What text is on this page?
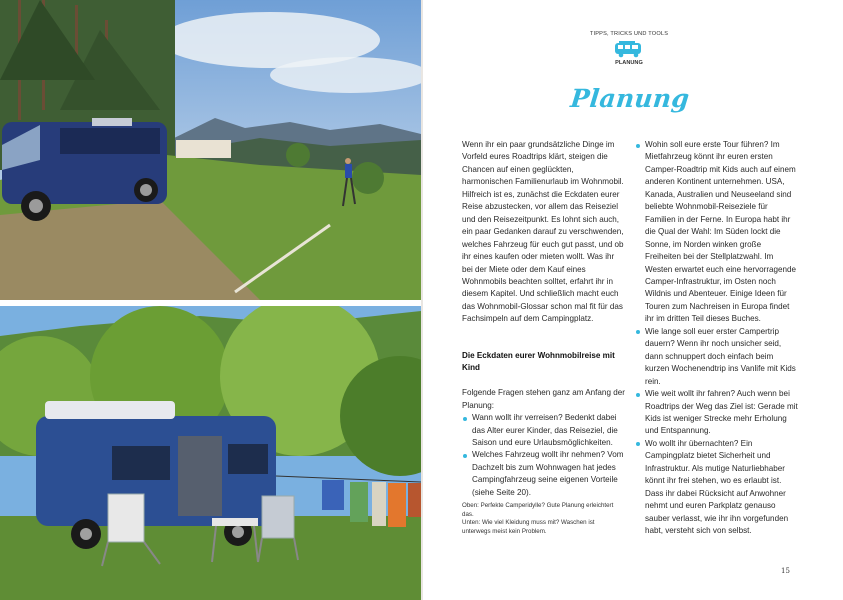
TIPPS, TRICKS UND TOOLS
PLANUNG
Planung

Wenn ihr ein paar grundsätzliche Dinge im Vorfeld eures Roadtrips klärt, steigen die Chancen auf einen geglückten, harmonischen Familienurlaub im Wohnmobil. Hilfreich ist es, zunächst die Eckdaten eurer Reise abzustecken, vor allem das Reiseziel und den Reisezeitpunkt. Es lohnt sich auch, ein paar Gedanken darauf zu verschwenden, welches Fahrzeug für euch gut passt, und ob ihr eines kaufen oder mieten wollt. Was ihr bei der Miete oder dem Kauf eines Wohnmobils beachten solltet, erfahrt ihr in diesem Kapitel. Und schließlich macht euch das Wohnmobil-Glossar schon mal fit für das Fachsimpeln auf dem Campingplatz.

Die Eckdaten eurer Wohnmobilreise mit Kind

Folgende Fragen stehen ganz am Anfang der Planung:

Wann wollt ihr verreisen? Bedenkt dabei das Alter eurer Kinder, das Reiseziel, die Saison und eure Urlaubsmöglichkeiten.
Welches Fahrzeug wollt ihr nehmen? Vom Dachzelt bis zum Wohnwagen hat jedes Campingfahrzeug seine eigenen Vorteile (siehe Seite 20).
Wohin soll eure erste Tour führen? Im Mietfahrzeug könnt ihr euren ersten Camper-Roadtrip mit Kids auch auf einem anderen Kontinent unternehmen. USA, Kanada, Australien und Neuseeland sind beliebte Wohnmobil-Reiseziele für Familien in der Ferne. In Europa habt ihr die Qual der Wahl: Im Süden lockt die Sonne, im Norden winken große Freiheiten bei der Stellplatzwahl. Im Westen erwartet euch eine hervorragende Camper-Infrastruktur, im Osten noch Wildnis und Abenteuer. Einige Ideen für Touren zum Nachreisen in Europa findet ihr im dritten Teil dieses Buches.
Wie lange soll euer erster Campertrip dauern? Wenn ihr noch unsicher seid, dann schnuppert doch einfach beim kurzen Wochenendtrip ins Vanlife mit Kids rein.
Wie weit wollt ihr fahren? Auch wenn bei Roadtrips der Weg das Ziel ist: Gerade mit Kids ist weniger Strecke mehr Erholung und Entspannung.
Wo wollt ihr übernachten? Ein Campingplatz bietet Sicherheit und Infrastruktur. Als mutige Naturliebhaber könnt ihr frei stehen, wo es erlaubt ist. Dass ihr dabei Rücksicht auf Anwohner nehmt und euren Parkplatz genauso sauber verlasst, wie ihr ihn vorgefunden habt, versteht sich von selbst.

Oben: Perfekte Camperidylle? Gute Planung erleichtert das.

Unten: Wie viel Kleidung muss mit? Waschen ist unterwegs meist kein Problem.

15
